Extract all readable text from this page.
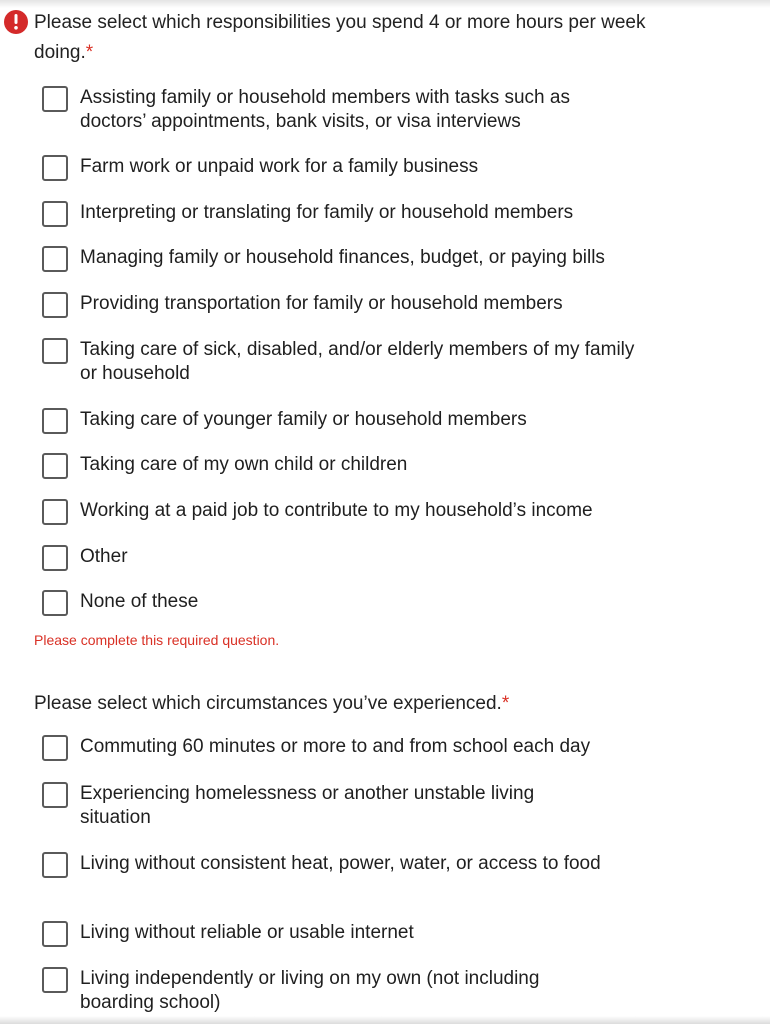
Please select which responsibilities you spend 4 or more hours per week doing.*

Assisting family or household members with tasks such as doctors’ appointments, bank visits, or visa interviews
Farm work or unpaid work for a family business
Interpreting or translating for family or household members
Managing family or household finances, budget, or paying bills
Providing transportation for family or household members
Taking care of sick, disabled, and/or elderly members of my family or household
Taking care of younger family or household members
Taking care of my own child or children
Working at a paid job to contribute to my household’s income
Other
None of these
Please complete this required question.

Please select which circumstances you’ve experienced.*

Commuting 60 minutes or more to and from school each day
Experiencing homelessness or another unstable living situation
Living without consistent heat, power, water, or access to food
Living without reliable or usable internet
Living independently or living on my own (not including boarding school)
